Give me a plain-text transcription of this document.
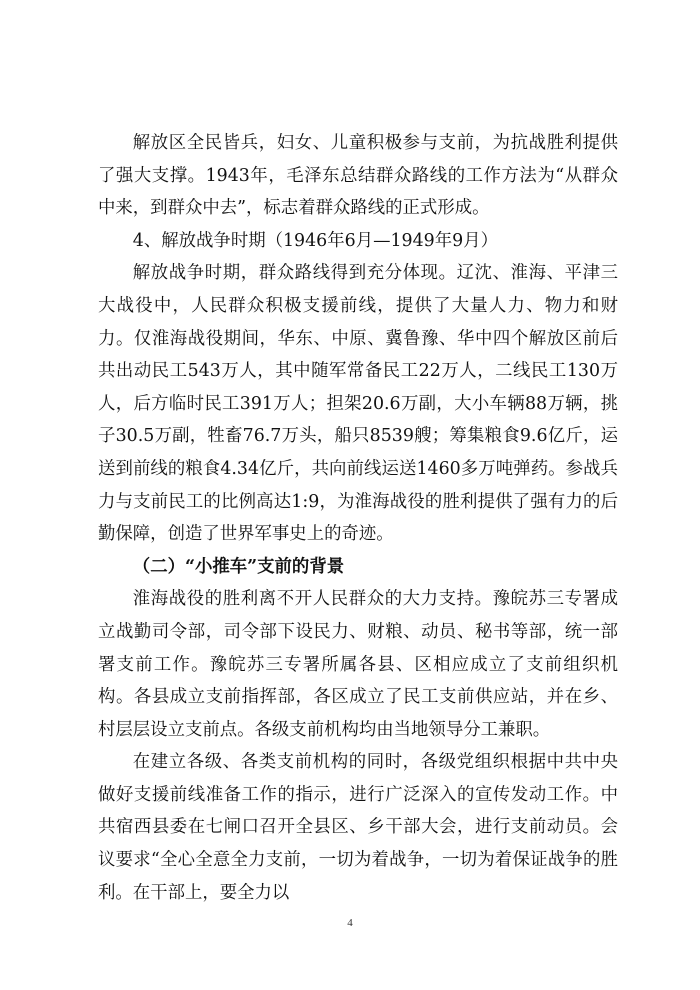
解放区全民皆兵，妇女、儿童积极参与支前，为抗战胜利提供了强大支撑。1943年，毛泽东总结群众路线的工作方法为“从群众中来，到群众中去”，标志着群众路线的正式形成。

4、解放战争时期（1946年6月—1949年9月）

解放战争时期，群众路线得到充分体现。辽沈、淮海、平津三大战役中，人民群众积极支援前线，提供了大量人力、物力和财力。仅淮海战役期间，华东、中原、冀鲁豫、华中四个解放区前后共出动民工543万人，其中随军常备民工22万人，二线民工130万人，后方临时民工391万人；担架20.6万副，大小车辆88万辆，挑子30.5万副，牲畜76.7万头，船只8539艘；筹集粮食9.6亿斤，运送到前线的粮食4.34亿斤，共向前线运送1460多万吨弹药。参战兵力与支前民工的比例高达1:9，为淮海战役的胜利提供了强有力的后勤保障，创造了世界军事史上的奇迹。

（二）“小推车”支前的背景

淮海战役的胜利离不开人民群众的大力支持。豫皖苏三专署成立战勤司令部，司令部下设民力、财粮、动员、秘书等部，统一部署支前工作。豫皖苏三专署所属各县、区相应成立了支前组织机构。各县成立支前指挥部，各区成立了民工支前供应站，并在乡、村层层设立支前点。各级支前机构均由当地领导分工兼职。

在建立各级、各类支前机构的同时，各级党组织根据中共中央做好支援前线准备工作的指示，进行广泛深入的宣传发动工作。中共宿西县委在七闸口召开全县区、乡干部大会，进行支前动员。会议要求“全心全意全力支前，一切为着战争，一切为着保证战争的胜利。在干部上，要全力以

4
